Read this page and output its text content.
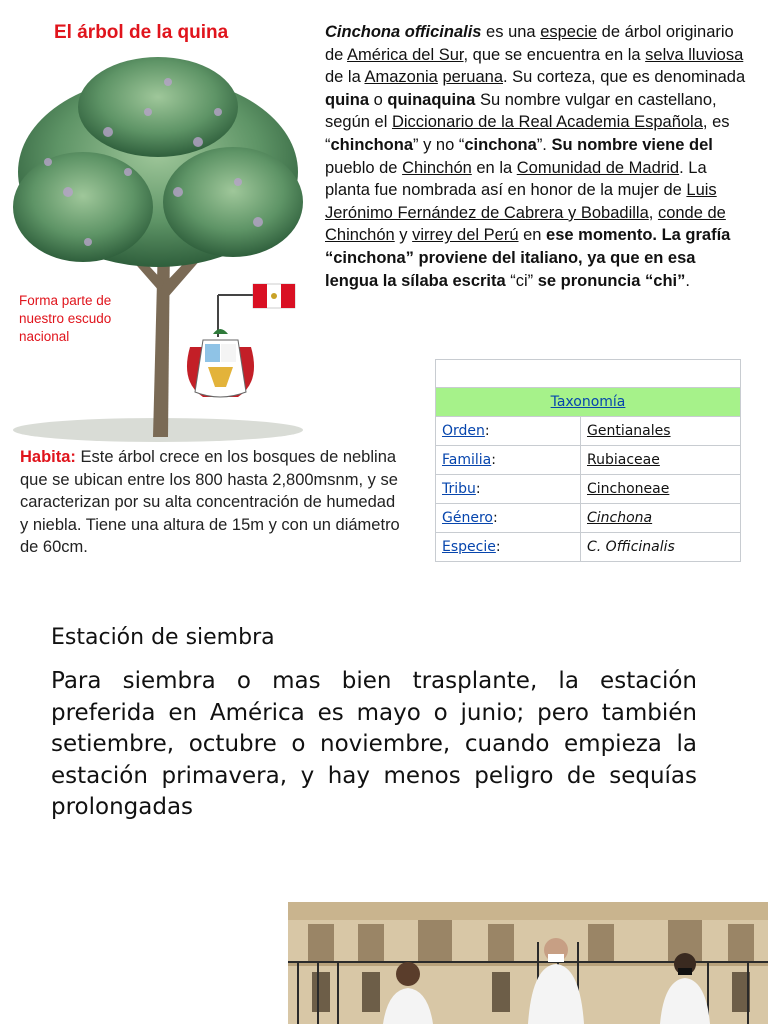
El árbol de la quina
Forma parte de nuestro escudo nacional
Cinchona officinalis es una especie de árbol originario de América del Sur, que se encuentra en la selva lluviosa de la Amazonia peruana. Su corteza, que es denominada quina o quinaquina Su nombre vulgar en castellano, según el Diccionario de la Real Academia Española, es “chinchona” y no “cinchona”. Su nombre viene del pueblo de Chinchón en la Comunidad de Madrid. La planta fue nombrada así en honor de la mujer de Luis Jerónimo Fernández de Cabrera y Bobadilla, conde de Chinchón y virrey del Perú en ese momento. La grafía “cinchona” proviene del italiano, ya que en esa lengua la sílaba escrita “ci” se pronuncia “chi”.
Habita: Este árbol crece en los bosques de neblina que se ubican entre los 800 hasta 2,800msnm, y se caracterizan por su alta concentración de humedad y niebla. Tiene una altura de 15m y con un diámetro de 60cm.

Taxonomía	
Orden:	Gentianales
Familia:	Rubiaceae
Tribu:	Cinchoneae
Género:	Cinchona
Especie:	C. Officinalis
Estación de siembra
Para siembra o mas bien trasplante, la estación preferida en América es mayo o junio; pero también setiembre, octubre o noviembre, cuando empieza la estación primavera, y hay menos peligro de sequías prolongadas
